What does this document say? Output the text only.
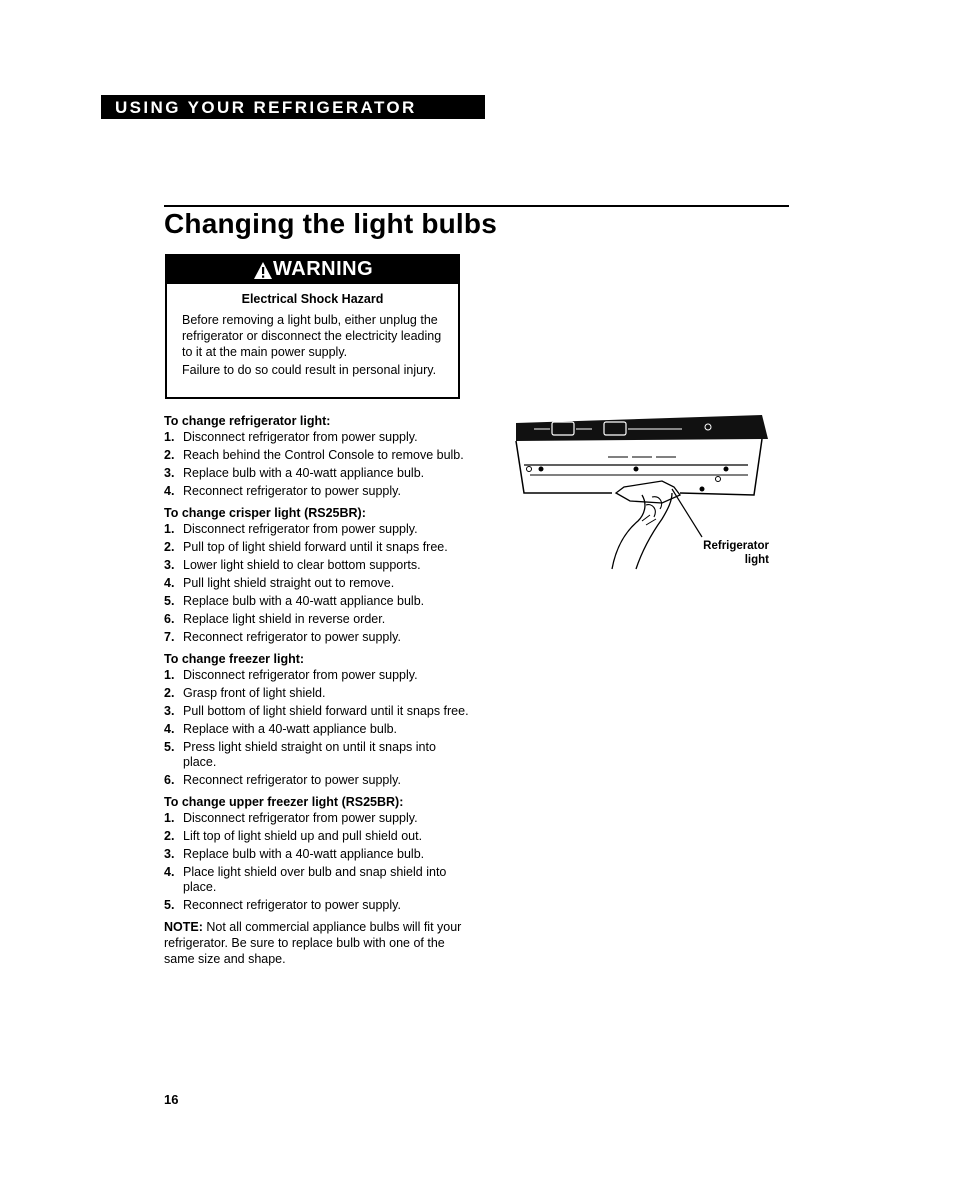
USING YOUR REFRIGERATOR
Changing the light bulbs
WARNING
Electrical Shock Hazard
Before removing a light bulb, either unplug the refrigerator or disconnect the electricity leading to it at the main power supply.
Failure to do so could result in personal injury.
To change refrigerator light:
1. Disconnect refrigerator from power supply.
2. Reach behind the Control Console to remove bulb.
3. Replace bulb with a 40-watt appliance bulb.
4. Reconnect refrigerator to power supply.
To change crisper light (RS25BR):
1. Disconnect refrigerator from power supply.
2. Pull top of light shield forward until it snaps free.
3. Lower light shield to clear bottom supports.
4. Pull light shield straight out to remove.
5. Replace bulb with a 40-watt appliance bulb.
6. Replace light shield in reverse order.
7. Reconnect refrigerator to power supply.
To change freezer light:
1. Disconnect refrigerator from power supply.
2. Grasp front of light shield.
3. Pull bottom of light shield forward until it snaps free.
4. Replace with a 40-watt appliance bulb.
5. Press light shield straight on until it snaps into place.
6. Reconnect refrigerator to power supply.
To change upper freezer light (RS25BR):
1. Disconnect refrigerator from power supply.
2. Lift top of light shield up and pull shield out.
3. Replace bulb with a 40-watt appliance bulb.
4. Place light shield over bulb and snap shield into place.
5. Reconnect refrigerator to power supply.
NOTE: Not all commercial appliance bulbs will fit your refrigerator. Be sure to replace bulb with one of the same size and shape.
Refrigerator
light
16
